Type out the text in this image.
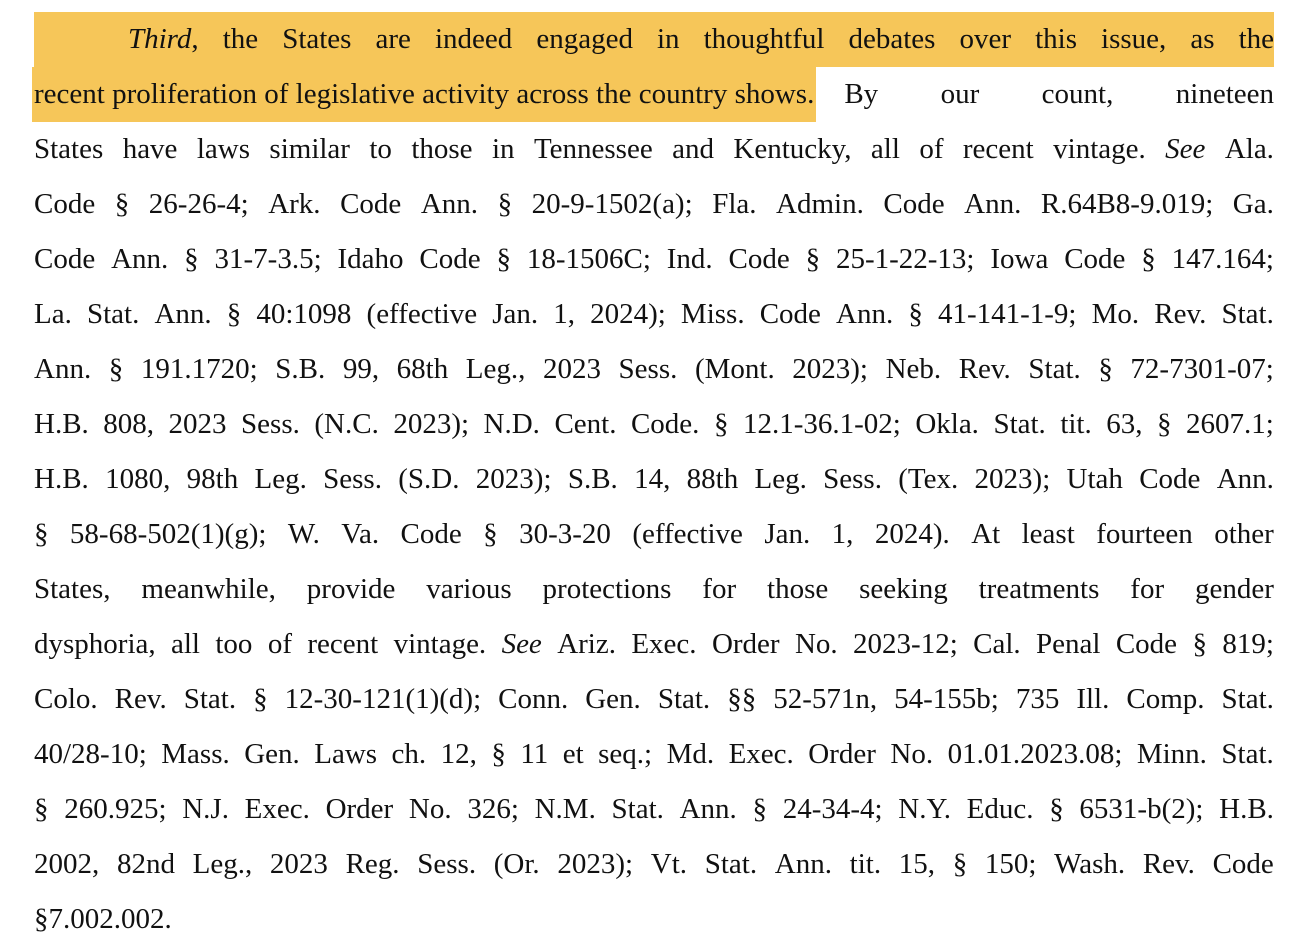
Third, the States are indeed engaged in thoughtful debates over this issue, as the
recent proliferation of legislative activity across the country shows. By our count, nineteen
States have laws similar to those in Tennessee and Kentucky, all of recent vintage. See Ala.
Code § 26-26-4; Ark. Code Ann. § 20-9-1502(a); Fla. Admin. Code Ann. R.64B8-9.019; Ga.
Code Ann. § 31-7-3.5; Idaho Code § 18-1506C; Ind. Code § 25-1-22-13; Iowa Code § 147.164;
La. Stat. Ann. § 40:1098 (effective Jan. 1, 2024); Miss. Code Ann. § 41-141-1-9; Mo. Rev. Stat.
Ann. § 191.1720; S.B. 99, 68th Leg., 2023 Sess. (Mont. 2023); Neb. Rev. Stat. § 72-7301-07;
H.B. 808, 2023 Sess. (N.C. 2023); N.D. Cent. Code. § 12.1-36.1-02; Okla. Stat. tit. 63, § 2607.1;
H.B. 1080, 98th Leg. Sess. (S.D. 2023); S.B. 14, 88th Leg. Sess. (Tex. 2023); Utah Code Ann.
§ 58-68-502(1)(g); W. Va. Code § 30-3-20 (effective Jan. 1, 2024). At least fourteen other
States, meanwhile, provide various protections for those seeking treatments for gender
dysphoria, all too of recent vintage. See Ariz. Exec. Order No. 2023-12; Cal. Penal Code § 819;
Colo. Rev. Stat. § 12-30-121(1)(d); Conn. Gen. Stat. §§ 52-571n, 54-155b; 735 Ill. Comp. Stat.
40/28-10; Mass. Gen. Laws ch. 12, § 11 et seq.; Md. Exec. Order No. 01.01.2023.08; Minn. Stat.
§ 260.925; N.J. Exec. Order No. 326; N.M. Stat. Ann. § 24-34-4; N.Y. Educ. § 6531-b(2); H.B.
2002, 82nd Leg., 2023 Reg. Sess. (Or. 2023); Vt. Stat. Ann. tit. 15, § 150; Wash. Rev. Code
§ 7.002.002.
